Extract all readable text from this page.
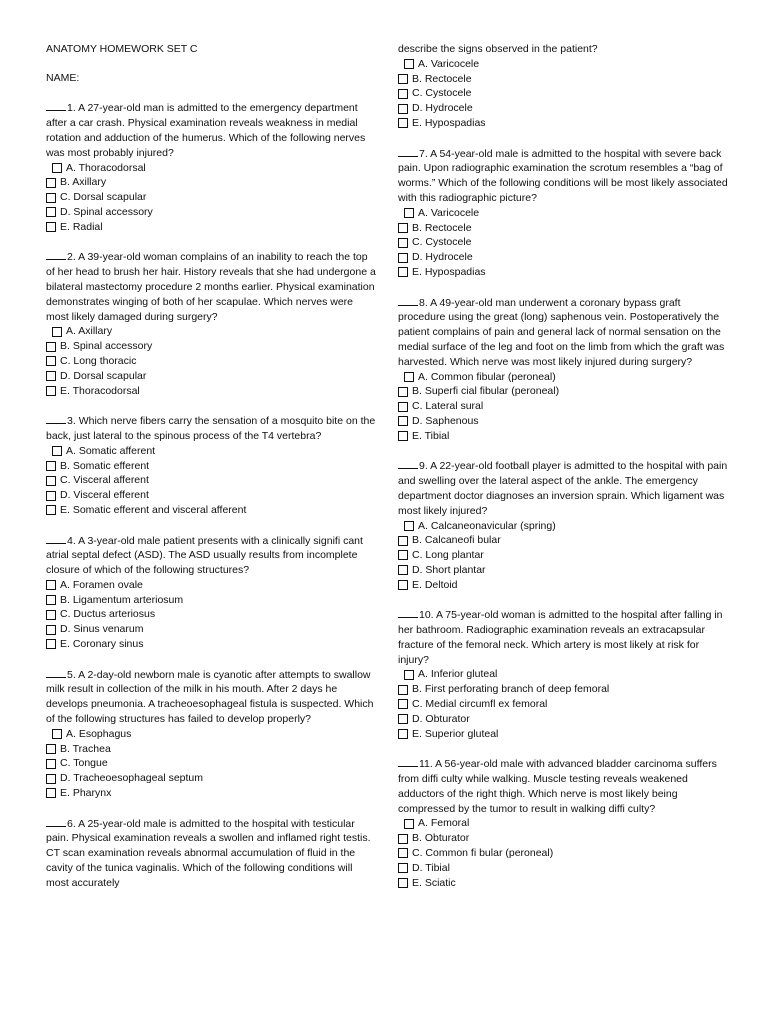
ANATOMY HOMEWORK SET C
NAME:
1. A 27-year-old man is admitted to the emergency department after a car crash. Physical examination reveals weakness in medial rotation and adduction of the humerus. Which of the following nerves was most probably injured?
A. Thoracodorsal
B. Axillary
C. Dorsal scapular
D. Spinal accessory
E. Radial
2. A 39-year-old woman complains of an inability to reach the top of her head to brush her hair. History reveals that she had undergone a bilateral mastectomy procedure 2 months earlier. Physical examination demonstrates winging of both of her scapulae. Which nerves were most likely damaged during surgery?
A. Axillary
B. Spinal accessory
C. Long thoracic
D. Dorsal scapular
E. Thoracodorsal
3. Which nerve fibers carry the sensation of a mosquito bite on the back, just lateral to the spinous process of the T4 vertebra?
A. Somatic afferent
B. Somatic efferent
C. Visceral afferent
D. Visceral efferent
E. Somatic efferent and visceral afferent
4. A 3-year-old male patient presents with a clinically signifi cant atrial septal defect (ASD). The ASD usually results from incomplete closure of which of the following structures?
A. Foramen ovale
B. Ligamentum arteriosum
C. Ductus arteriosus
D. Sinus venarum
E. Coronary sinus
5. A 2-day-old newborn male is cyanotic after attempts to swallow milk result in collection of the milk in his mouth. After 2 days he develops pneumonia. A tracheoesophageal fistula is suspected. Which of the following structures has failed to develop properly?
A. Esophagus
B. Trachea
C. Tongue
D. Tracheoesophageal septum
E. Pharynx
6. A 25-year-old male is admitted to the hospital with testicular pain. Physical examination reveals a swollen and inflamed right testis. CT scan examination reveals abnormal accumulation of fluid in the cavity of the tunica vaginalis. Which of the following conditions will most accurately
describe the signs observed in the patient?
A. Varicocele
B. Rectocele
C. Cystocele
D. Hydrocele
E. Hypospadias
7. A 54-year-old male is admitted to the hospital with severe back pain. Upon radiographic examination the scrotum resembles a “bag of worms.” Which of the following conditions will be most likely associated with this radiographic picture?
A. Varicocele
B. Rectocele
C. Cystocele
D. Hydrocele
E. Hypospadias
8. A 49-year-old man underwent a coronary bypass graft procedure using the great (long) saphenous vein. Postoperatively the patient complains of pain and general lack of normal sensation on the medial surface of the leg and foot on the limb from which the graft was harvested. Which nerve was most likely injured during surgery?
A. Common fibular (peroneal)
B. Superfi cial fibular (peroneal)
C. Lateral sural
D. Saphenous
E. Tibial
9. A 22-year-old football player is admitted to the hospital with pain and swelling over the lateral aspect of the ankle. The emergency department doctor diagnoses an inversion sprain. Which ligament was most likely injured?
A. Calcaneonavicular (spring)
B. Calcaneofi bular
C. Long plantar
D. Short plantar
E. Deltoid
10. A 75-year-old woman is admitted to the hospital after falling in her bathroom. Radiographic examination reveals an extracapsular fracture of the femoral neck. Which artery is most likely at risk for injury?
A. Inferior gluteal
B. First perforating branch of deep femoral
C. Medial circumfl ex femoral
D. Obturator
E. Superior gluteal
11. A 56-year-old male with advanced bladder carcinoma suffers from diffi culty while walking. Muscle testing reveals weakened adductors of the right thigh. Which nerve is most likely being compressed by the tumor to result in walking diffi culty?
A. Femoral
B. Obturator
C. Common fi bular (peroneal)
D. Tibial
E. Sciatic
